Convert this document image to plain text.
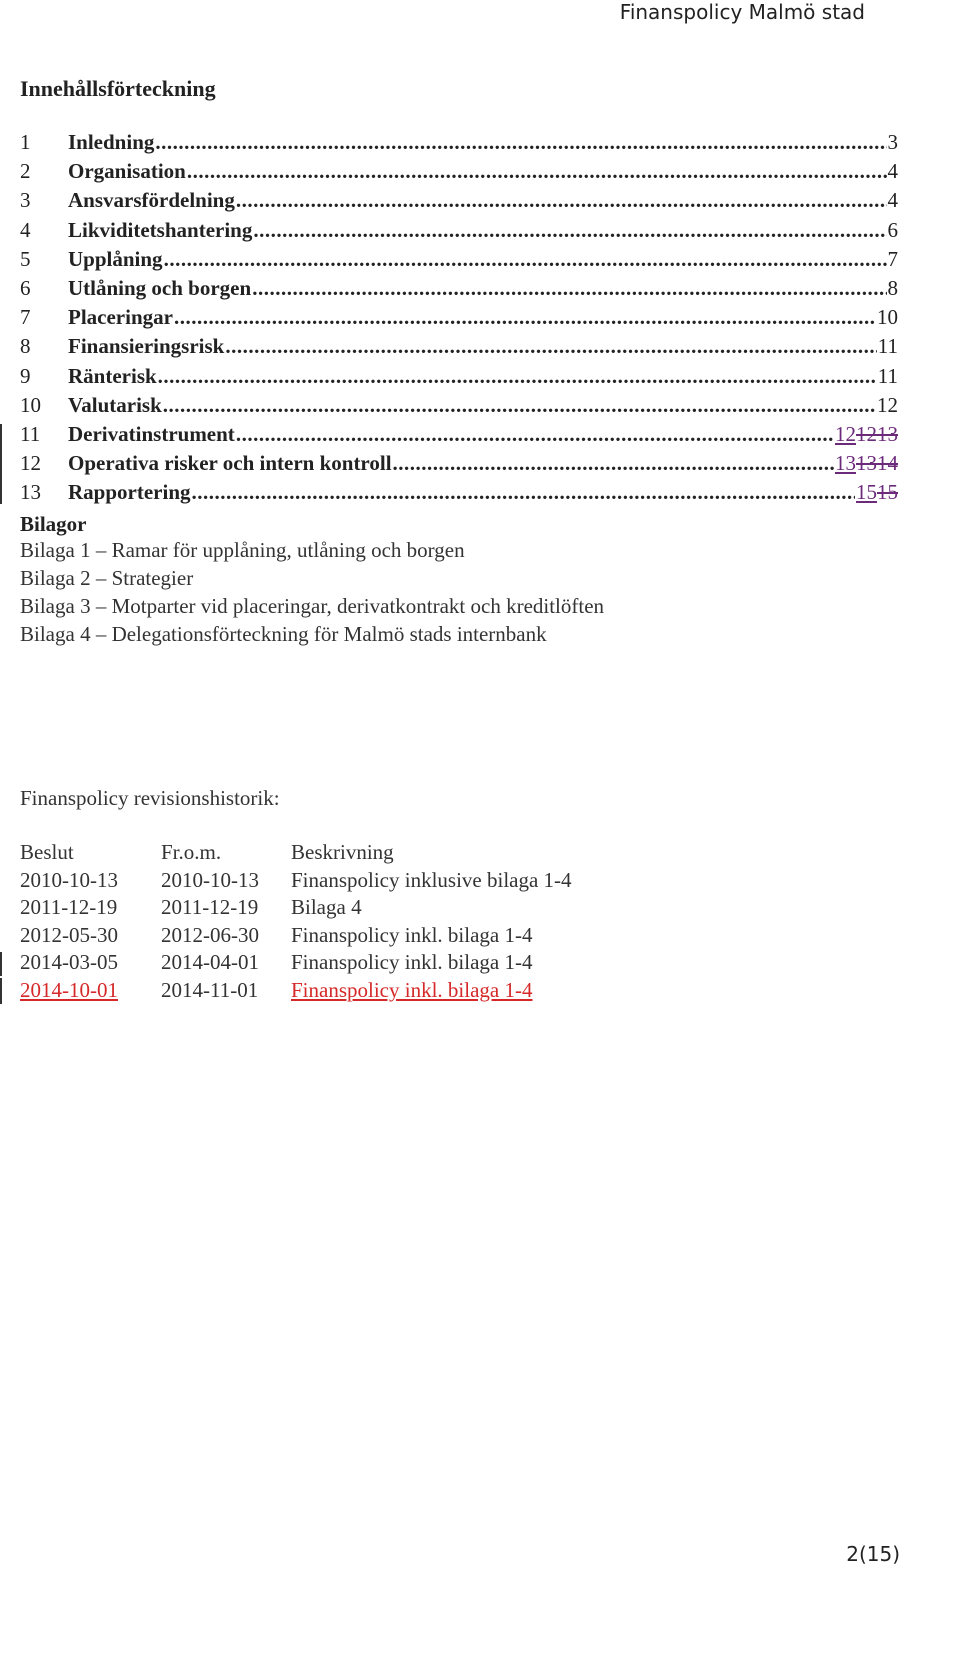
Finanspolicy Malmö stad
Innehållsförteckning
1	Inledning .....	3
2	Organisation .....	4
3	Ansvarsfördelning .....	4
4	Likviditetshantering .....	6
5	Upplåning .....	7
6	Utlåning och borgen .....	8
7	Placeringar .....	10
8	Finansieringsrisk .....	11
9	Ränterisk .....	11
10	Valutarisk .....	12
11	Derivatinstrument .....	121213
12	Operativa risker och intern kontroll .....	131314
13	Rapportering .....	1515
Bilagor
Bilaga 1 – Ramar för upplåning, utlåning och borgen
Bilaga 2 – Strategier
Bilaga 3 – Motparter vid placeringar, derivatkontrakt och kreditlöften
Bilaga 4 – Delegationsförteckning för Malmö stads internbank
Finanspolicy revisionshistorik:
Beslut	Fr.o.m.	Beskrivning
2010-10-13	2010-10-13	Finanspolicy inklusive bilaga 1-4
2011-12-19	2011-12-19	Bilaga 4
2012-05-30	2012-06-30	Finanspolicy inkl. bilaga 1-4
2014-03-05	2014-04-01	Finanspolicy inkl. bilaga 1-4
2014-10-01	2014-11-01	Finanspolicy inkl. bilaga 1-4
2(15)
